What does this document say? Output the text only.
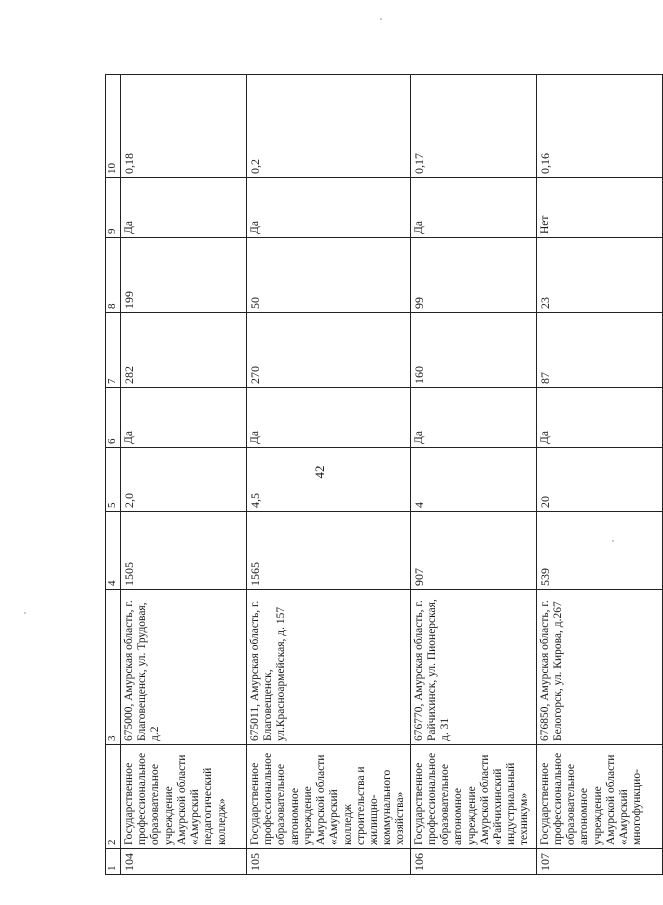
42
1	2	3	4	5	6	7	8	9	10
104	Государственное профессиональное образовательное учреждение Амурской области «Амурский педагогический колледж»	675000, Амурская область, г. Благовещенск, ул. Трудовая, д.2	1505	2,0	Да	282	199	Да	0,18
105	Государственное профессиональное образовательное автономное учреждение Амурской области «Амурский колледж строительства и жилищно-коммунального хозяйства»	675011, Амурская область, г. Благовещенск, ул.Красноармейская, д. 157	1565	4,5	Да	270	50	Да	0,2
106	Государственное профессиональное образовательное автономное учреждение Амурской области «Райчихинский индустриальный техникум»	676770, Амурская область, г. Райчихинск, ул. Пионерская, д. 31	907	4	Да	160	99	Да	0,17
107	Государственное профессиональное образовательное автономное учреждение Амурской области «Амурский многофункцио-	676850, Амурская область, г. Белогорск, ул. Кирова, д.267	539	20	Да	87	23	Нет	0,16
